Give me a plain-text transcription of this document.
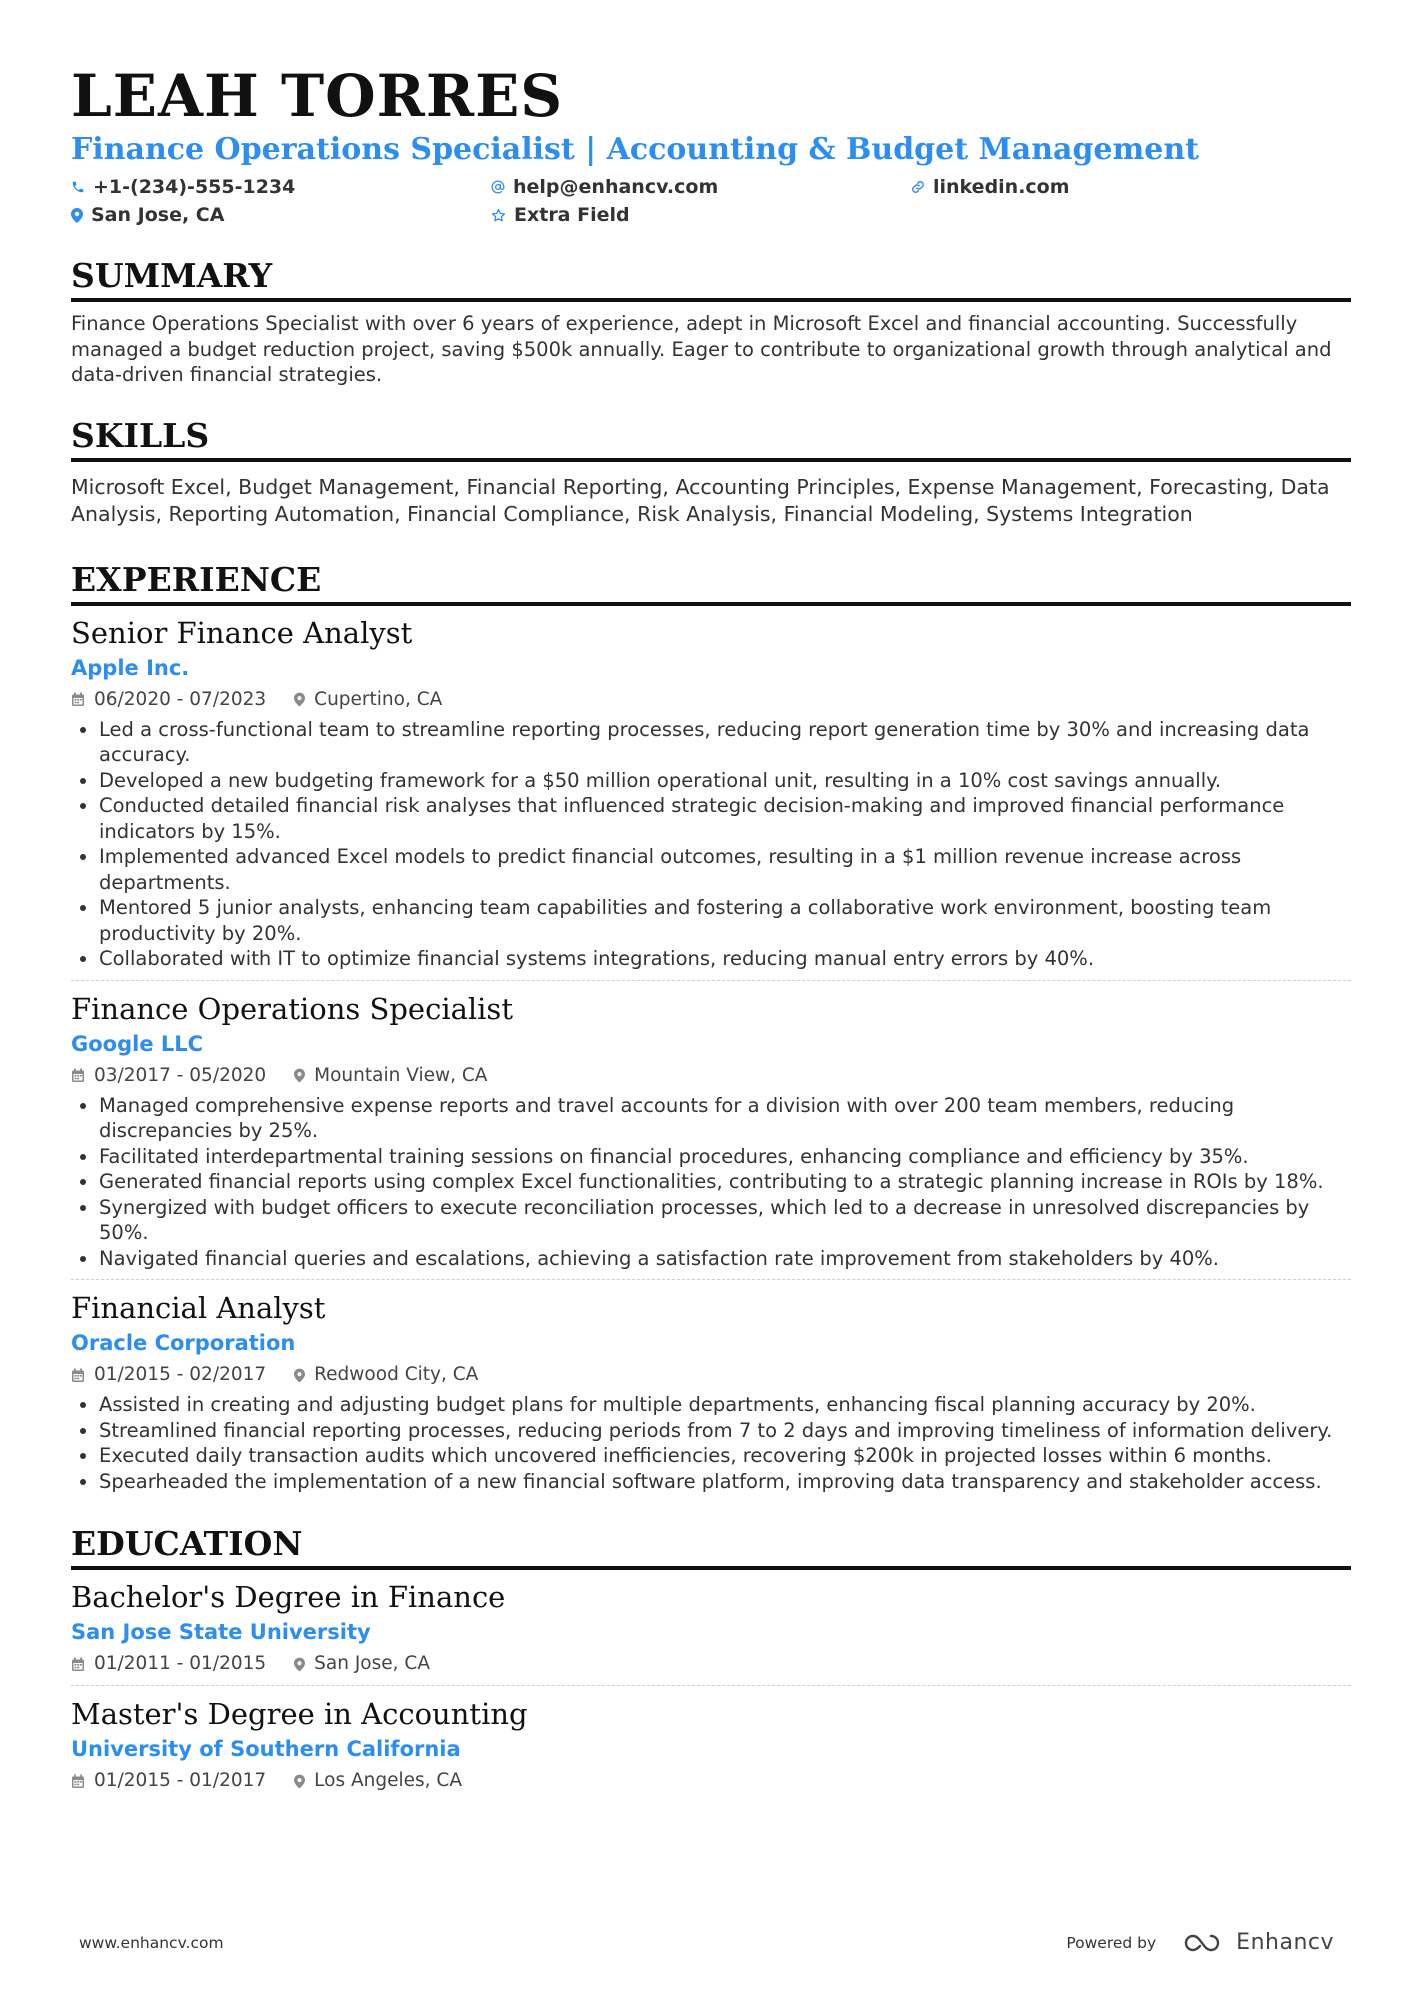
LEAH TORRES
Finance Operations Specialist | Accounting & Budget Management
+1-(234)-555-1234	help@enhancv.com	linkedin.com
San Jose, CA	Extra Field
SUMMARY
Finance Operations Specialist with over 6 years of experience, adept in Microsoft Excel and financial accounting. Successfully managed a budget reduction project, saving $500k annually. Eager to contribute to organizational growth through analytical and data-driven financial strategies.
SKILLS
Microsoft Excel, Budget Management, Financial Reporting, Accounting Principles, Expense Management, Forecasting, Data Analysis, Reporting Automation, Financial Compliance, Risk Analysis, Financial Modeling, Systems Integration
EXPERIENCE
Senior Finance Analyst
Apple Inc.
06/2020 - 07/2023	Cupertino, CA
• Led a cross-functional team to streamline reporting processes, reducing report generation time by 30% and increasing data accuracy.
• Developed a new budgeting framework for a $50 million operational unit, resulting in a 10% cost savings annually.
• Conducted detailed financial risk analyses that influenced strategic decision-making and improved financial performance indicators by 15%.
• Implemented advanced Excel models to predict financial outcomes, resulting in a $1 million revenue increase across departments.
• Mentored 5 junior analysts, enhancing team capabilities and fostering a collaborative work environment, boosting team productivity by 20%.
• Collaborated with IT to optimize financial systems integrations, reducing manual entry errors by 40%.
Finance Operations Specialist
Google LLC
03/2017 - 05/2020	Mountain View, CA
• Managed comprehensive expense reports and travel accounts for a division with over 200 team members, reducing discrepancies by 25%.
• Facilitated interdepartmental training sessions on financial procedures, enhancing compliance and efficiency by 35%.
• Generated financial reports using complex Excel functionalities, contributing to a strategic planning increase in ROIs by 18%.
• Synergized with budget officers to execute reconciliation processes, which led to a decrease in unresolved discrepancies by 50%.
• Navigated financial queries and escalations, achieving a satisfaction rate improvement from stakeholders by 40%.
Financial Analyst
Oracle Corporation
01/2015 - 02/2017	Redwood City, CA
• Assisted in creating and adjusting budget plans for multiple departments, enhancing fiscal planning accuracy by 20%.
• Streamlined financial reporting processes, reducing periods from 7 to 2 days and improving timeliness of information delivery.
• Executed daily transaction audits which uncovered inefficiencies, recovering $200k in projected losses within 6 months.
• Spearheaded the implementation of a new financial software platform, improving data transparency and stakeholder access.
EDUCATION
Bachelor's Degree in Finance
San Jose State University
01/2011 - 01/2015	San Jose, CA
Master's Degree in Accounting
University of Southern California
01/2015 - 01/2017	Los Angeles, CA
www.enhancv.com	Powered by	Enhancv
